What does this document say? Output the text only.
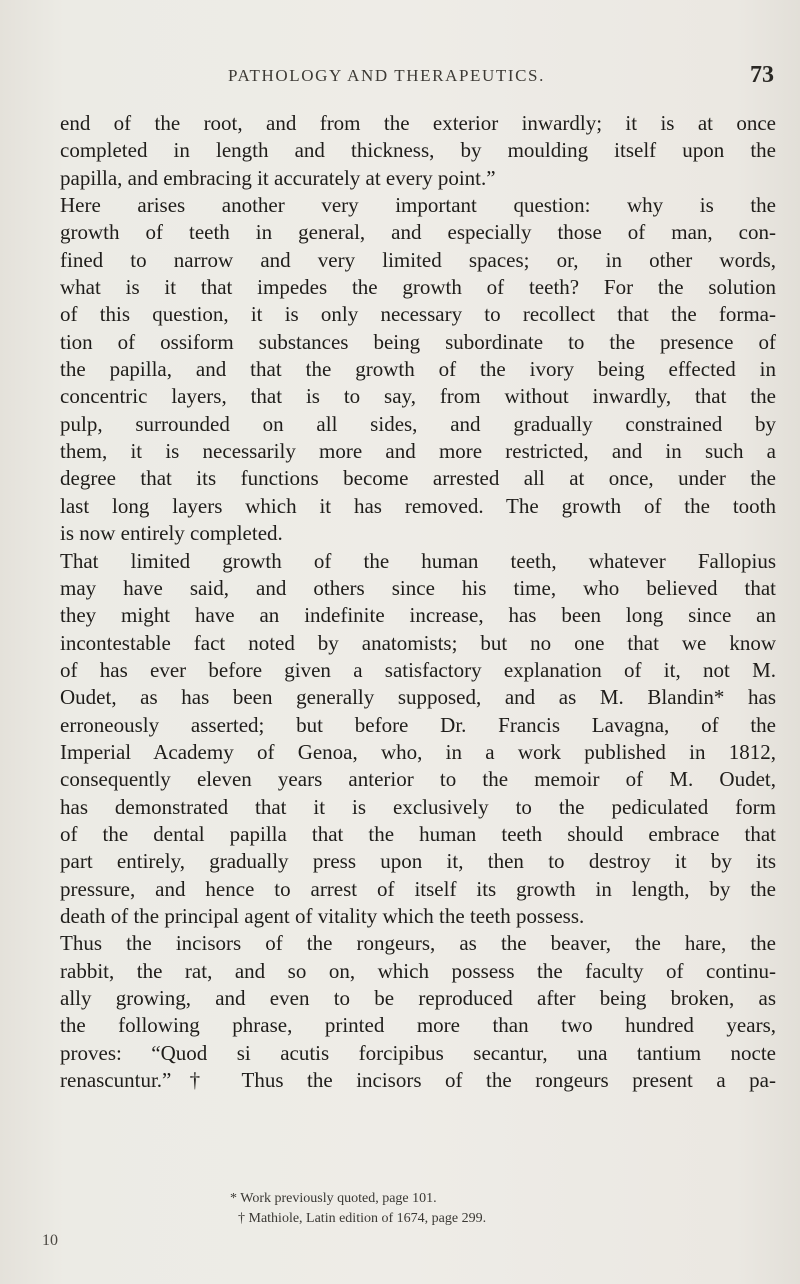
PATHOLOGY AND THERAPEUTICS.	73
end of the root, and from the exterior inwardly; it is at once
completed in length and thickness, by moulding itself upon the
papilla, and embracing it accurately at every point.”
Here arises another very important question: why is the
growth of teeth in general, and especially those of man, con-
fined to narrow and very limited spaces; or, in other words,
what is it that impedes the growth of teeth? For the solution
of this question, it is only necessary to recollect that the forma-
tion of ossiform substances being subordinate to the presence of
the papilla, and that the growth of the ivory being effected in
concentric layers, that is to say, from without inwardly, that the
pulp, surrounded on all sides, and gradually constrained by
them, it is necessarily more and more restricted, and in such a
degree that its functions become arrested all at once, under the
last long layers which it has removed. The growth of the tooth
is now entirely completed.
That limited growth of the human teeth, whatever Fallopius
may have said, and others since his time, who believed that
they might have an indefinite increase, has been long since an
incontestable fact noted by anatomists; but no one that we know
of has ever before given a satisfactory explanation of it, not M.
Oudet, as has been generally supposed, and as M. Blandin* has
erroneously asserted; but before Dr. Francis Lavagna, of the
Imperial Academy of Genoa, who, in a work published in 1812,
consequently eleven years anterior to the memoir of M. Oudet,
has demonstrated that it is exclusively to the pediculated form
of the dental papilla that the human teeth should embrace that
part entirely, gradually press upon it, then to destroy it by its
pressure, and hence to arrest of itself its growth in length, by the
death of the principal agent of vitality which the teeth possess.
Thus the incisors of the rongeurs, as the beaver, the hare, the
rabbit, the rat, and so on, which possess the faculty of continu-
ally growing, and even to be reproduced after being broken, as
the following phrase, printed more than two hundred years,
proves: “Quod si acutis forcipibus secantur, una tantium nocte
renascuntur.”† Thus the incisors of the rongeurs present a pa-
* Work previously quoted, page 101.
† Mathiole, Latin edition of 1674, page 299.
10
